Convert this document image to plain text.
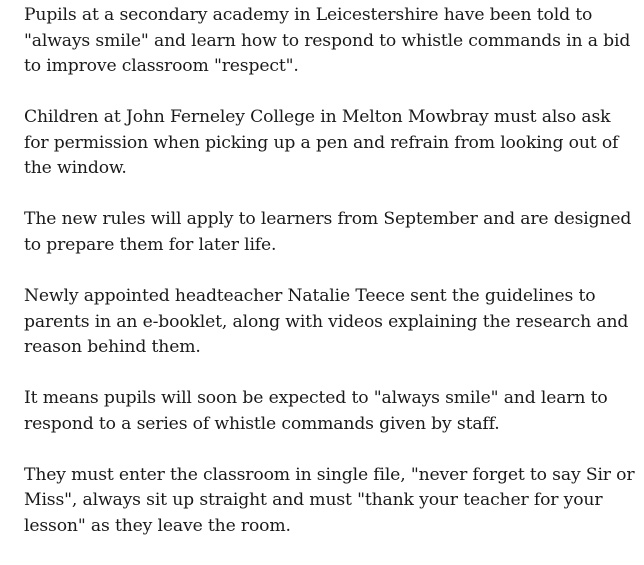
Pupils at a secondary academy in Leicestershire have been told to "always smile" and learn how to respond to whistle commands in a bid to improve classroom "respect".

Children at John Ferneley College in Melton Mowbray must also ask for permission when picking up a pen and refrain from looking out of the window.

The new rules will apply to learners from September and are designed to prepare them for later life.

Newly appointed headteacher Natalie Teece sent the guidelines to parents in an e-booklet, along with videos explaining the research and reason behind them.

It means pupils will soon be expected to "always smile" and learn to respond to a series of whistle commands given by staff.

They must enter the classroom in single file, "never forget to say Sir or Miss", always sit up straight and must "thank your teacher for your lesson" as they leave the room.
